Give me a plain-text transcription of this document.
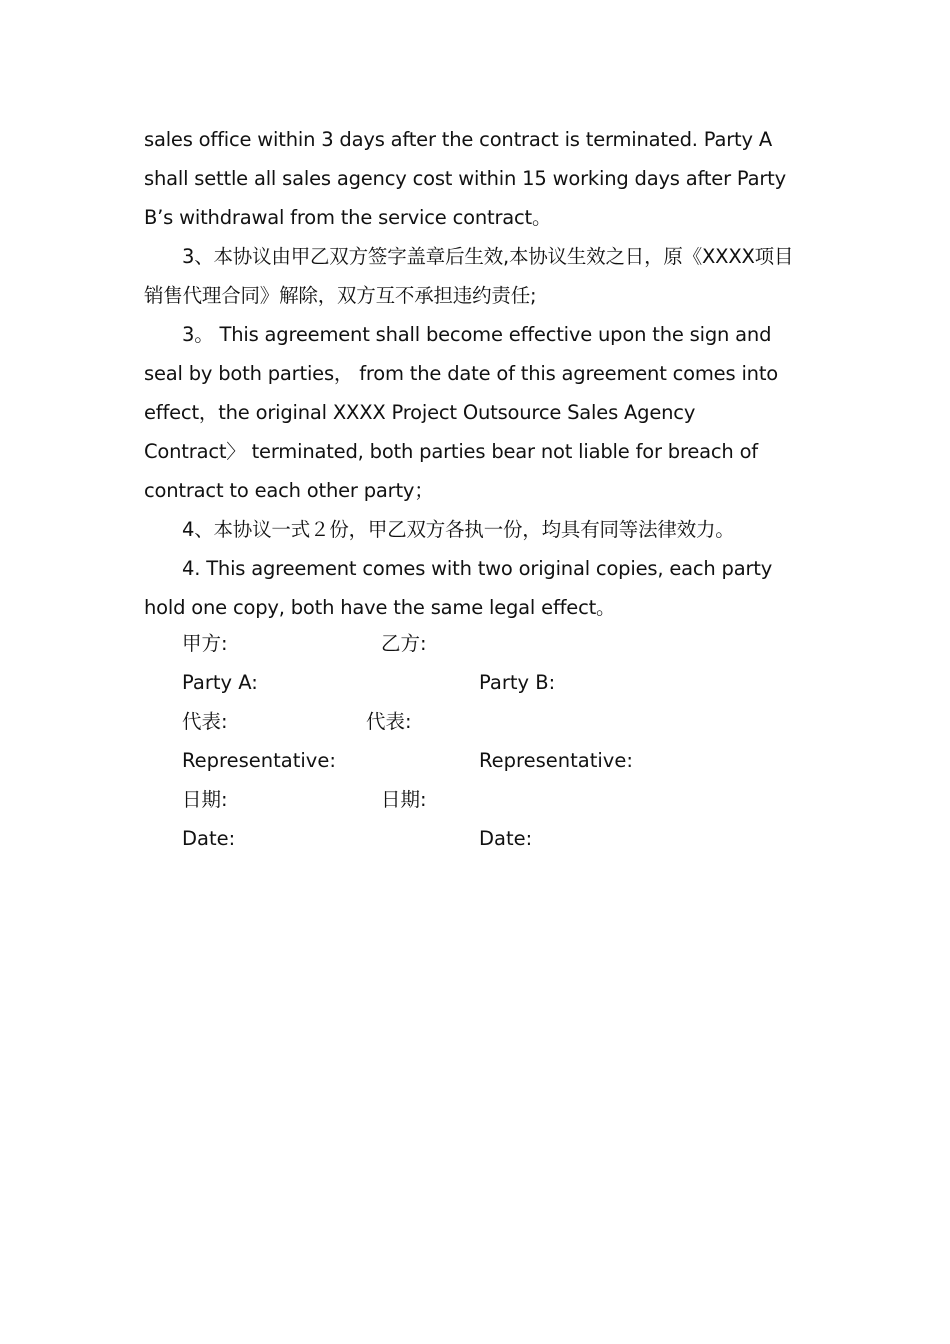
sales office within 3 days after the contract is terminated. Party A shall settle all sales agency cost within 15 working days after Party B’s withdrawal from the service contract。

3、本协议由甲乙双方签字盖章后生效,本协议生效之日，原《XXXX项目销售代理合同》解除，双方互不承担违约责任;

3。 This agreement shall become effective upon the sign and seal by both parties， from the date of this agreement comes into effect，the original XXXX Project Outsource Sales Agency Contract〉 terminated, both parties bear not liable for breach of contract to each other party；

4、本协议一式２份，甲乙双方各执一份，均具有同等法律效力。

4. This agreement comes with two original copies, each party hold one copy, both have the same legal effect。

甲方:	乙方:
Party A:	Party B:
代表:	代表:
Representative:	Representative:
日期:	日期:
Date:	Date:
